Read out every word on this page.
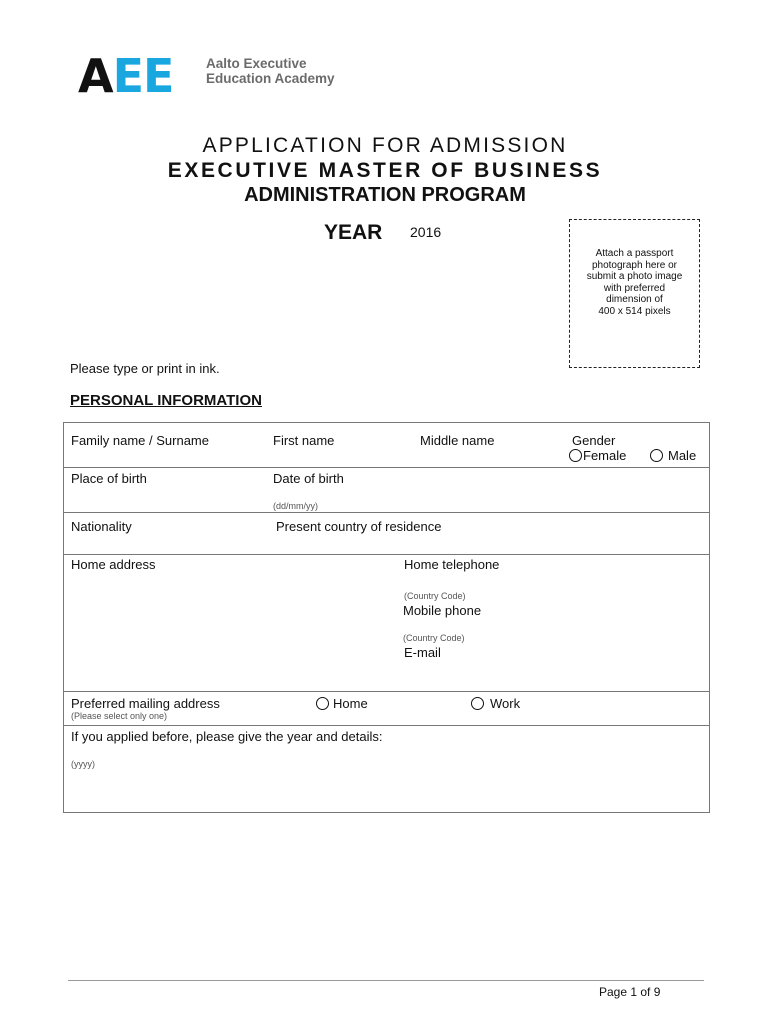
AEE Aalto Executive
Education Academy
APPLICATION FOR ADMISSION
EXECUTIVE MASTER OF BUSINESS
ADMINISTRATION PROGRAM
YEAR 2016
Attach a passport
photograph here or
submit a photo image
with preferred
dimension of
400 x 514 pixels
Please type or print in ink.
PERSONAL INFORMATION
Family name / Surname	First name	Middle name	Gender
Female	Male
Place of birth	Date of birth
(dd/mm/yy)
Nationality	Present country of residence
Home address	Home telephone
(Country Code)
Mobile phone
(Country Code)
E-mail
Preferred mailing address
(Please select only one)
Home	Work
If you applied before, please give the year and details:
(yyyy)
Page 1 of 9
